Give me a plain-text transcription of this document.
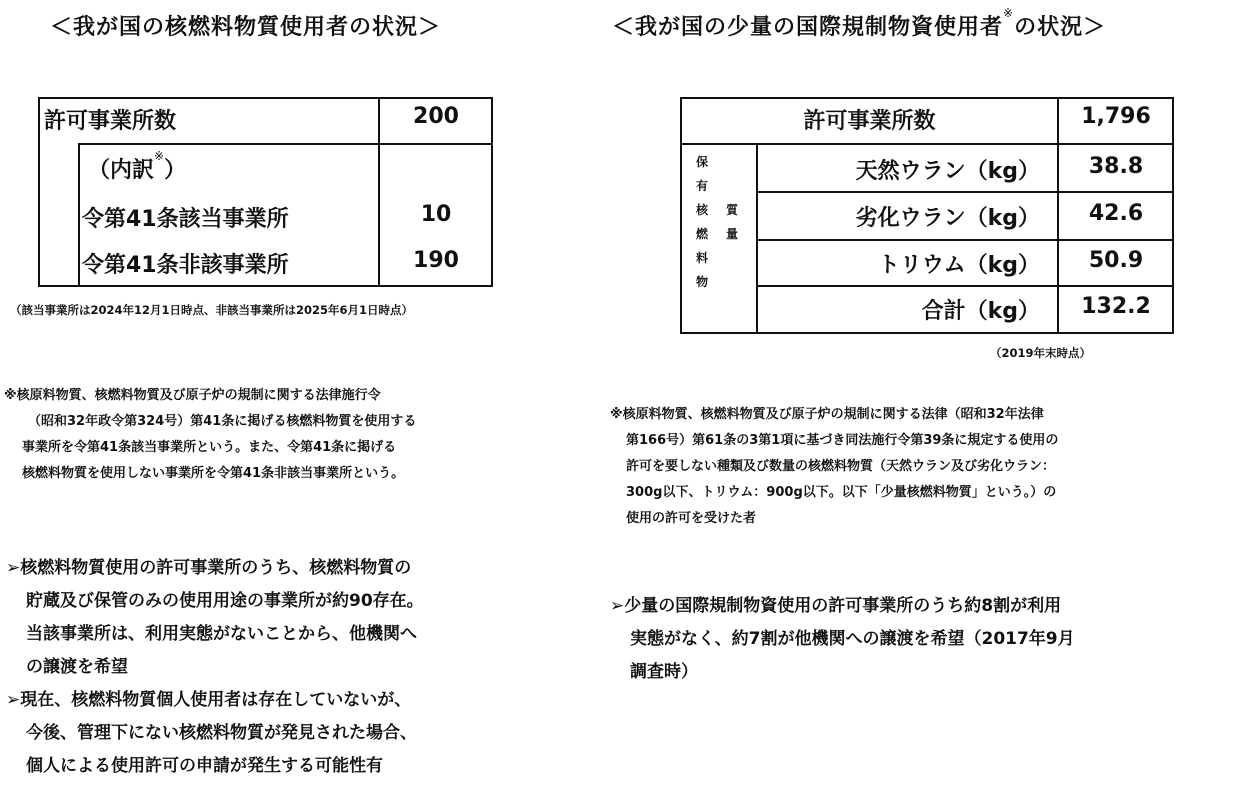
＜我が国の核燃料物質使用者の状況＞
許可事業所数	200
（内訳※）
令第41条該当事業所	10
令第41条非該事業所	190
（該当事業所は2024年12月1日時点、非該当事業所は2025年6月1日時点）
※核原料物質、核燃料物質及び原子炉の規制に関する法律施行令
（昭和32年政令第324号）第41条に掲げる核燃料物質を使用する
事業所を令第41条該当事業所という。また、令第41条に掲げる
核燃料物質を使用しない事業所を令第41条非該当事業所という。
➢核燃料物質使用の許可事業所のうち、核燃料物質の
貯蔵及び保管のみの使用用途の事業所が約90存在。
当該事業所は、利用実態がないことから、他機関へ
の譲渡を希望
➢現在、核燃料物質個人使用者は存在していないが、
今後、管理下にない核燃料物質が発見された場合、
個人による使用許可の申請が発生する可能性有
＜我が国の少量の国際規制物資使用者※の状況＞
許可事業所数	1,796
保
有
核
燃
料
物
質
量
天然ウラン（kg）	38.8
劣化ウラン（kg）	42.6
トリウム（kg）	50.9
合計（kg）	132.2
（2019年末時点）
※核原料物質、核燃料物質及び原子炉の規制に関する法律（昭和32年法律
第166号）第61条の3第1項に基づき同法施行令第39条に規定する使用の
許可を要しない種類及び数量の核燃料物質（天然ウラン及び劣化ウラン：
300g以下、トリウム：900g以下。以下「少量核燃料物質」という。）の
使用の許可を受けた者
➢少量の国際規制物資使用の許可事業所のうち約8割が利用
実態がなく、約7割が他機関への譲渡を希望（2017年9月
調査時）
